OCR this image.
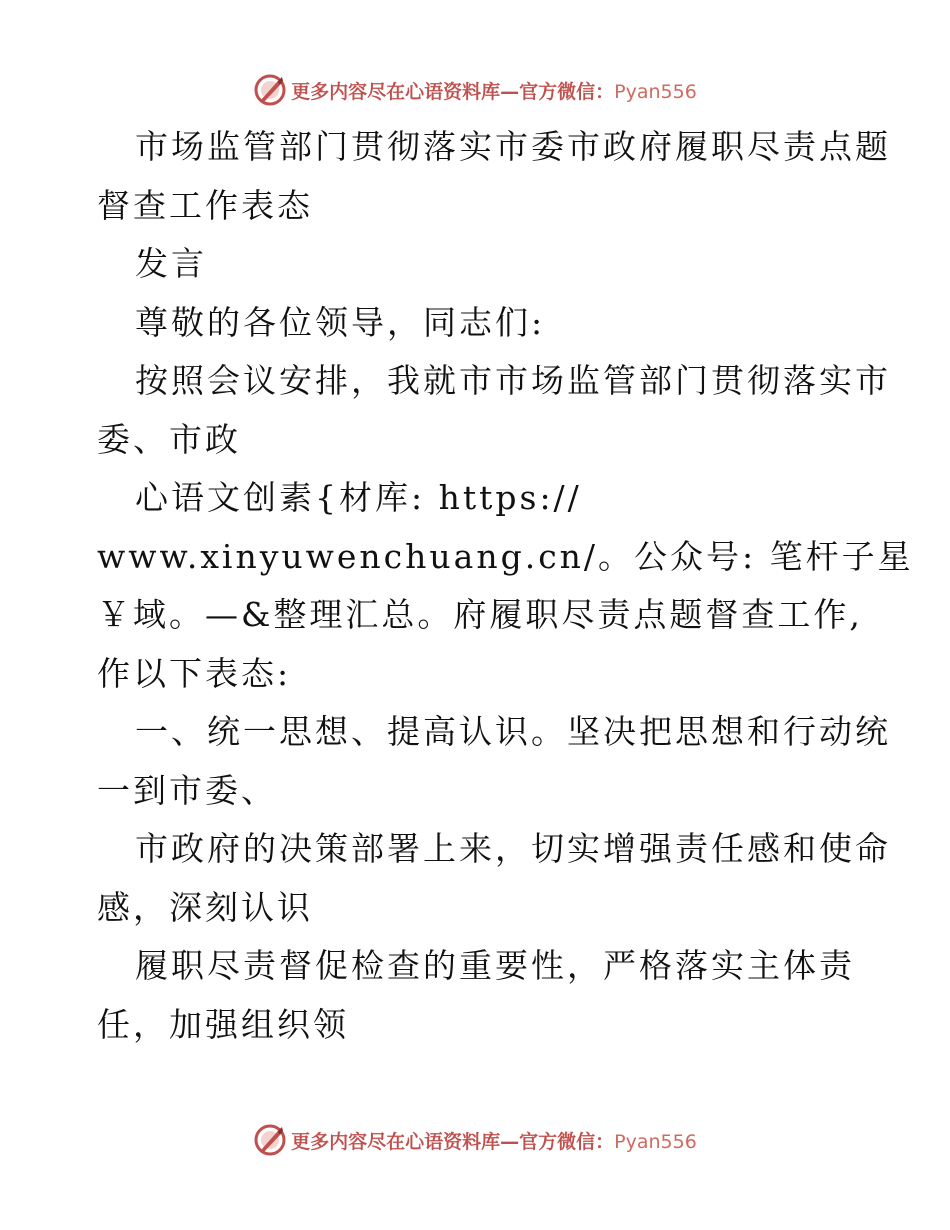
更多内容尽在心语资料库—官方微信：Pyan556
市场监管部门贯彻落实市委市政府履职尽责点题
督查工作表态
发言
尊敬的各位领导，同志们:
按照会议安排，我就市市场监管部门贯彻落实市
委、市政
心语文创素{材库: https://
www.xinyuwenchuang.cn/。公众号: 笔杆子星
￥域。—&整理汇总。府履职尽责点题督查工作,
作以下表态:
一、统一思想、提高认识。坚决把思想和行动统
一到市委、
市政府的决策部署上来，切实增强责任感和使命
感，深刻认识
履职尽责督促检查的重要性，严格落实主体责
任，加强组织领
更多内容尽在心语资料库—官方微信：Pyan556
